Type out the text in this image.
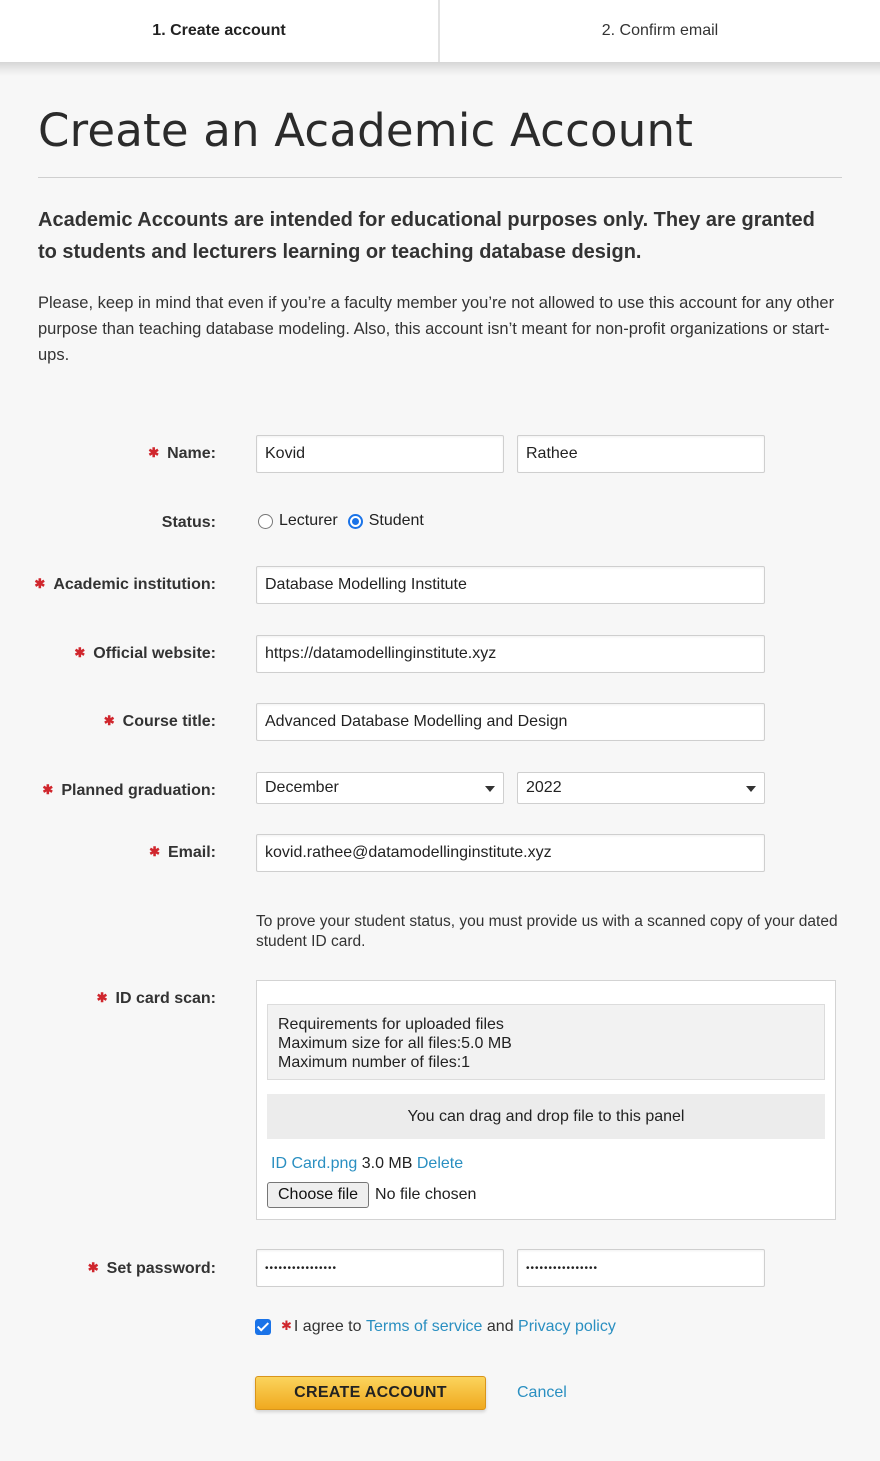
1. Create account	2. Confirm email
Create an Academic Account

Academic Accounts are intended for educational purposes only. They are granted to students and lecturers learning or teaching database design.

Please, keep in mind that even if you’re a faculty member you’re not allowed to use this account for any other purpose than teaching database modeling. Also, this account isn’t meant for non-profit organizations or start-ups.

✱ Name:	Kovid	Rathee
Status:	Lecturer Student
✱ Academic institution:	Database Modelling Institute
✱ Official website:	https://datamodellinginstitute.xyz
✱ Course title:	Advanced Database Modelling and Design
✱ Planned graduation:	December	2022
✱ Email:	kovid.rathee@datamodellinginstitute.xyz

To prove your student status, you must provide us with a scanned copy of your dated student ID card.

✱ ID card scan:
Requirements for uploaded files
Maximum size for all files:5.0 MB
Maximum number of files:1
You can drag and drop file to this panel
ID Card.png 3.0 MB Delete
Choose file	No file chosen
✱ Set password:	••••••••••••••••	••••••••••••••••
✱ I agree to
Terms of service
and
Privacy policy
CREATE ACCOUNT	Cancel
